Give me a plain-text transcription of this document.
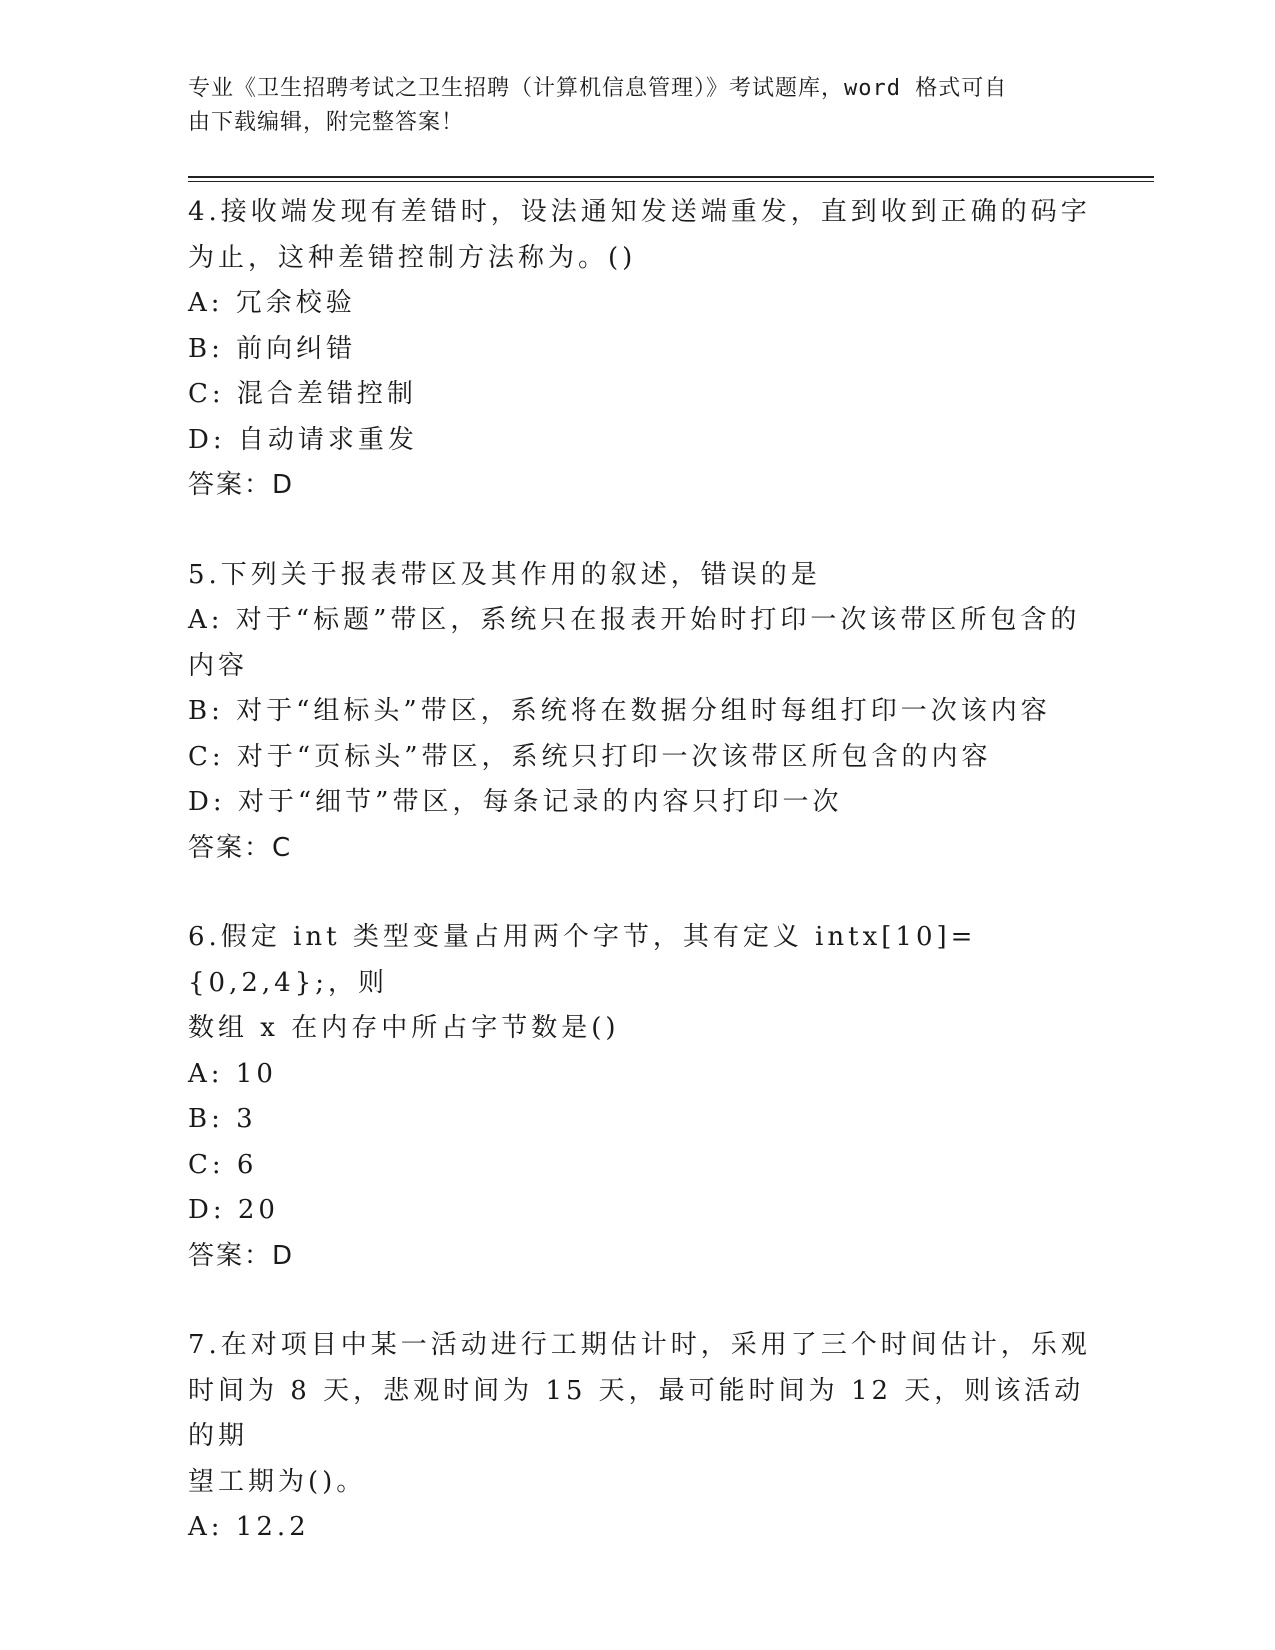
专业《卫生招聘考试之卫生招聘（计算机信息管理）》考试题库，word 格式可自
由下载编辑，附完整答案！
4.接收端发现有差错时，设法通知发送端重发，直到收到正确的码字
为止，这种差错控制方法称为。()
A: 冗余校验
B: 前向纠错
C: 混合差错控制
D: 自动请求重发
答案：D
5.下列关于报表带区及其作用的叙述，错误的是
A: 对于“标题”带区，系统只在报表开始时打印一次该带区所包含的
内容
B: 对于“组标头”带区，系统将在数据分组时每组打印一次该内容
C: 对于“页标头”带区，系统只打印一次该带区所包含的内容
D: 对于“细节”带区，每条记录的内容只打印一次
答案：C
6.假定 int 类型变量占用两个字节，其有定义 intx[10]={0,2,4};，则
数组 x 在内存中所占字节数是()
A: 10
B: 3
C: 6
D: 20
答案：D
7.在对项目中某一活动进行工期估计时，采用了三个时间估计，乐观
时间为 8 天，悲观时间为 15 天，最可能时间为 12 天，则该活动的期
望工期为()。
A: 12.2
